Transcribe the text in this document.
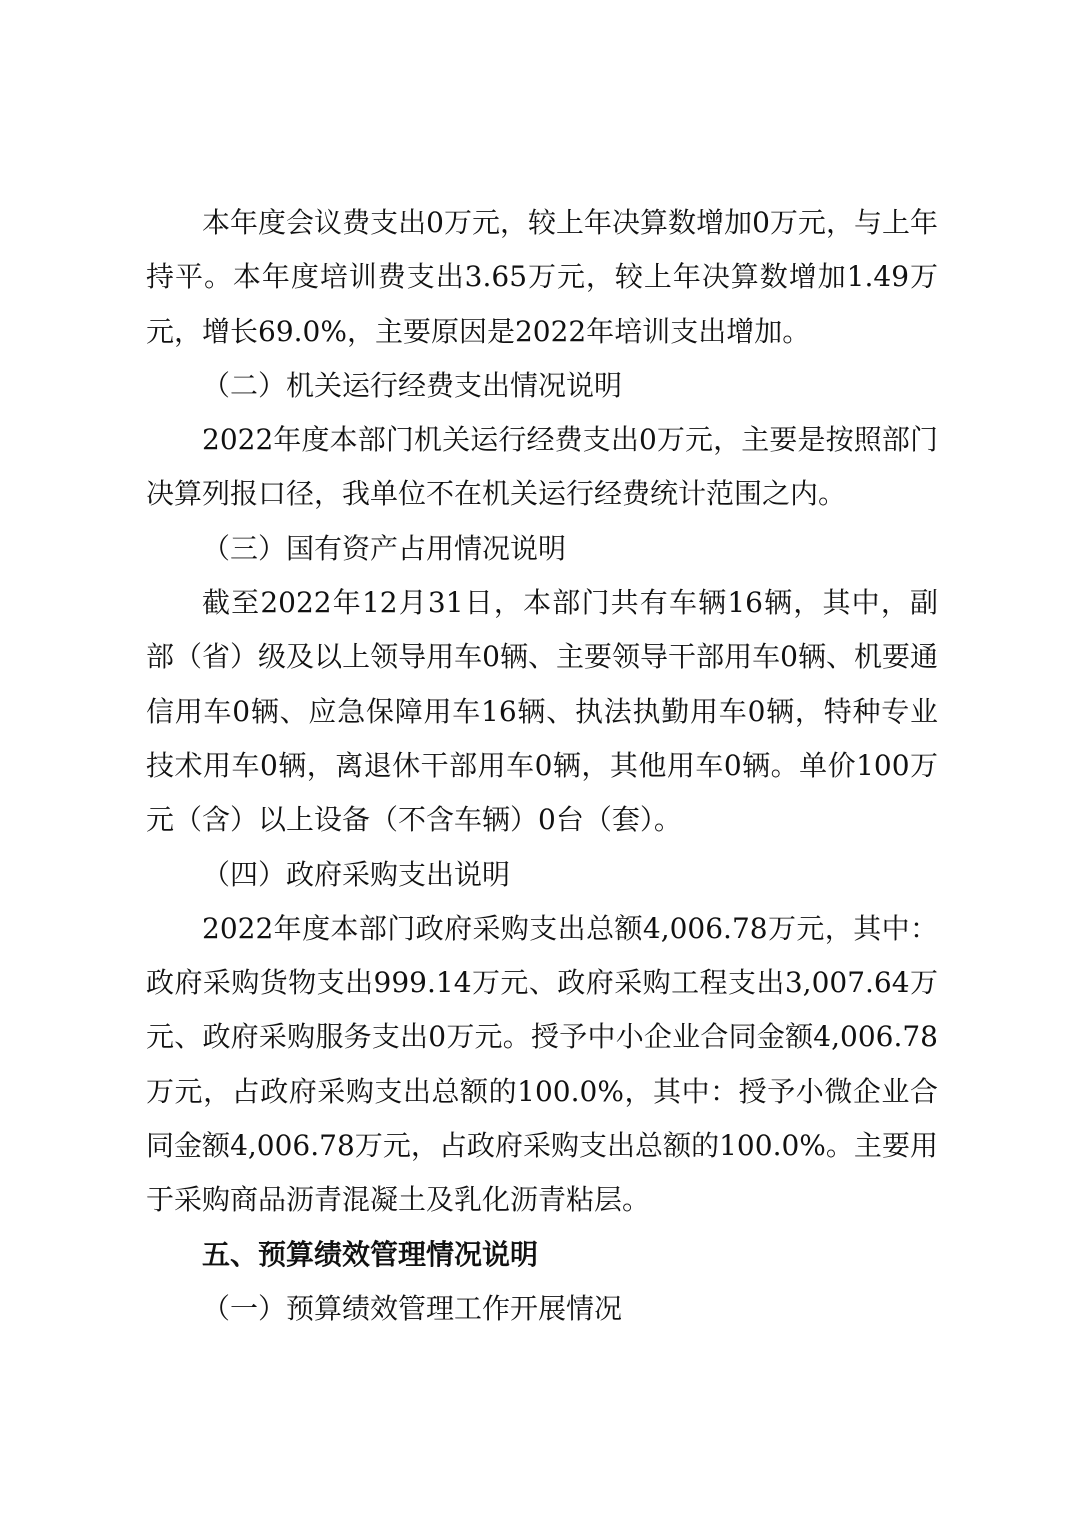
本年度会议费支出0万元，较上年决算数增加0万元，与上年持平。本年度培训费支出3.65万元，较上年决算数增加1.49万元，增长69.0%，主要原因是2022年培训支出增加。

（二）机关运行经费支出情况说明

2022年度本部门机关运行经费支出0万元，主要是按照部门决算列报口径，我单位不在机关运行经费统计范围之内。

（三）国有资产占用情况说明

截至2022年12月31日，本部门共有车辆16辆，其中，副部（省）级及以上领导用车0辆、主要领导干部用车0辆、机要通信用车0辆、应急保障用车16辆、执法执勤用车0辆，特种专业技术用车0辆，离退休干部用车0辆，其他用车0辆。单价100万元（含）以上设备（不含车辆）0台（套）。

（四）政府采购支出说明

2022年度本部门政府采购支出总额4,006.78万元，其中：政府采购货物支出999.14万元、政府采购工程支出3,007.64万元、政府采购服务支出0万元。授予中小企业合同金额4,006.78万元，占政府采购支出总额的100.0%，其中：授予小微企业合同金额4,006.78万元，占政府采购支出总额的100.0%。主要用于采购商品沥青混凝土及乳化沥青粘层。

五、预算绩效管理情况说明

（一）预算绩效管理工作开展情况
